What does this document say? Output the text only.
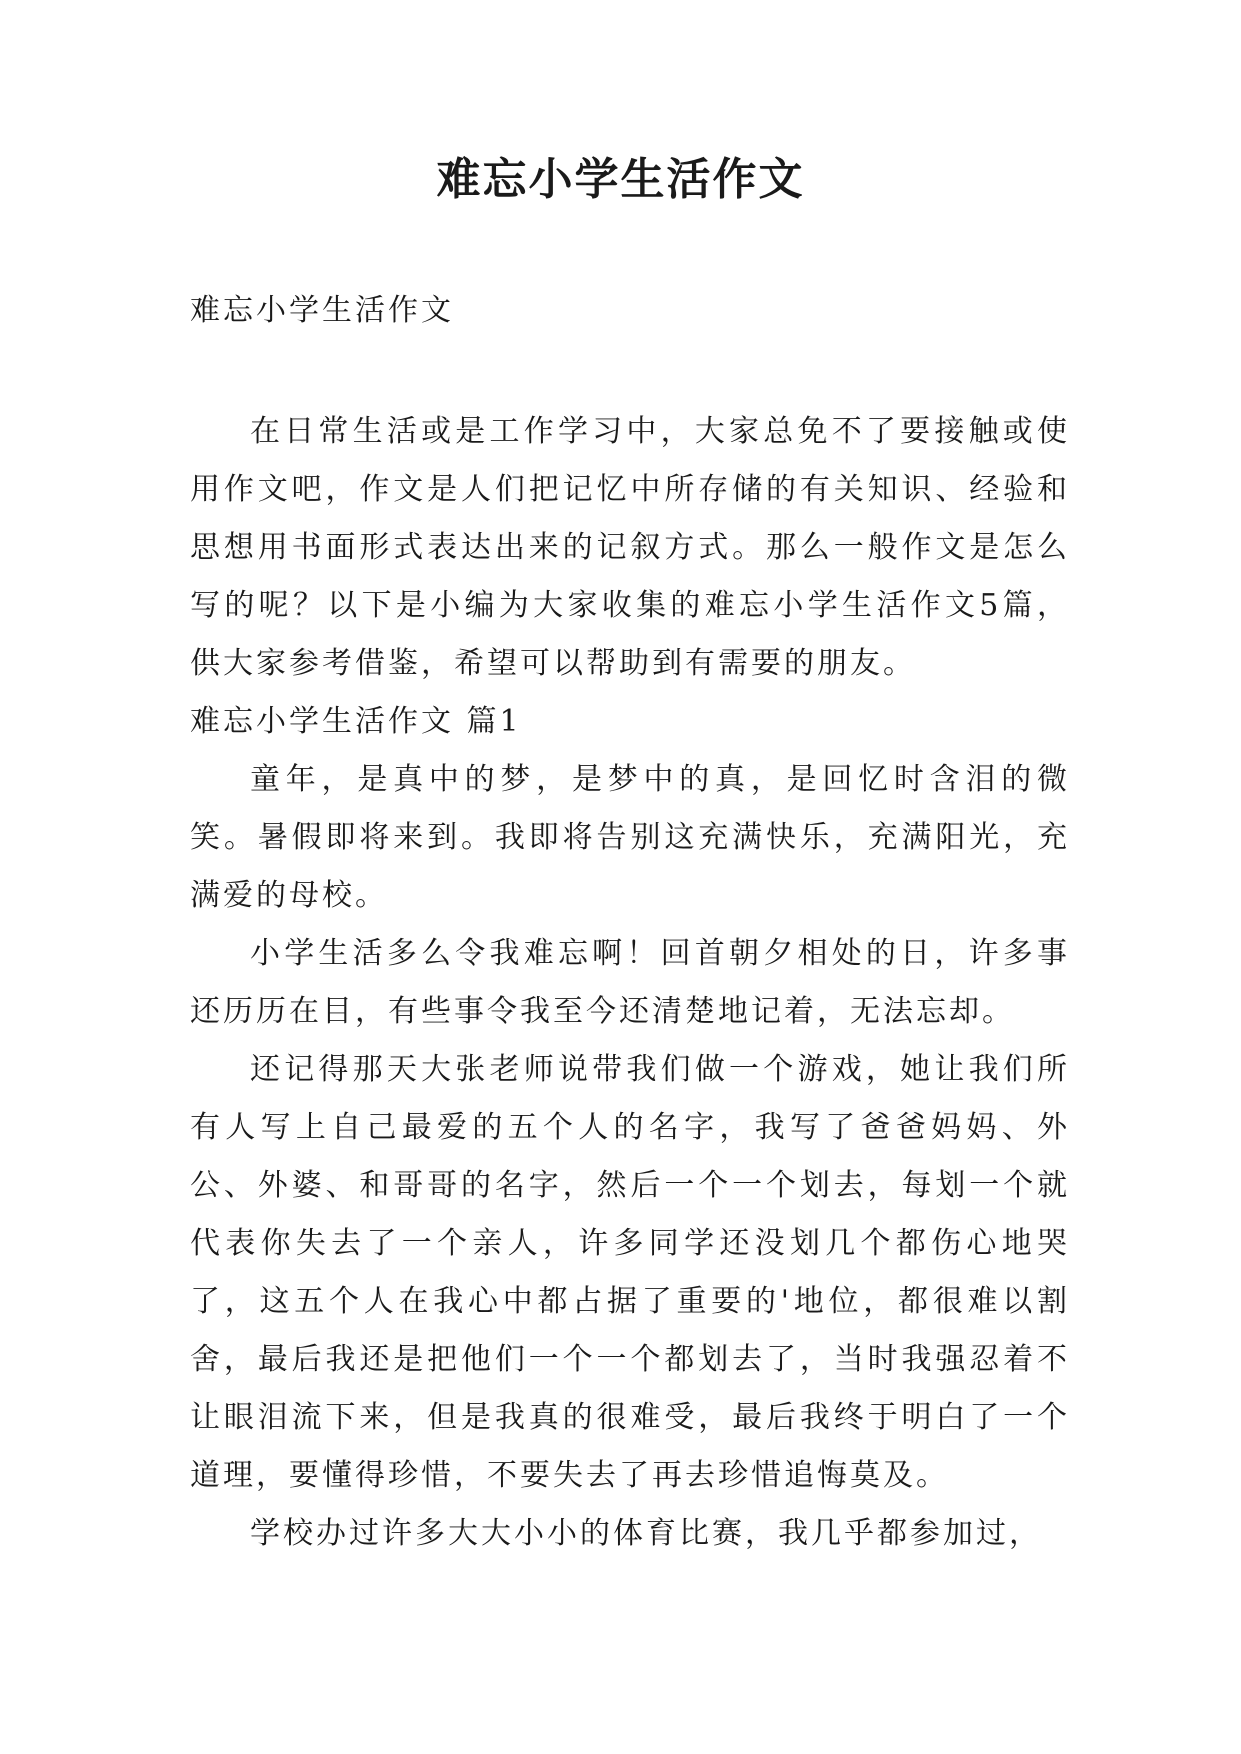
难忘小学生活作文
难忘小学生活作文

在日常生活或是工作学习中，大家总免不了要接触或使用作文吧，作文是人们把记忆中所存储的有关知识、经验和思想用书面形式表达出来的记叙方式。那么一般作文是怎么写的呢？以下是小编为大家收集的难忘小学生活作文5篇，供大家参考借鉴，希望可以帮助到有需要的朋友。

难忘小学生活作文 篇1

童年，是真中的梦，是梦中的真，是回忆时含泪的微笑。暑假即将来到。我即将告别这充满快乐，充满阳光，充满爱的母校。

小学生活多么令我难忘啊！回首朝夕相处的日，许多事还历历在目，有些事令我至今还清楚地记着，无法忘却。

还记得那天大张老师说带我们做一个游戏，她让我们所有人写上自己最爱的五个人的名字，我写了爸爸妈妈、外公、外婆、和哥哥的名字，然后一个一个划去，每划一个就代表你失去了一个亲人，许多同学还没划几个都伤心地哭了，这五个人在我心中都占据了重要的'地位，都很难以割舍，最后我还是把他们一个一个都划去了，当时我强忍着不让眼泪流下来，但是我真的很难受，最后我终于明白了一个道理，要懂得珍惜，不要失去了再去珍惜追悔莫及。

学校办过许多大大小小的体育比赛，我几乎都参加过，
